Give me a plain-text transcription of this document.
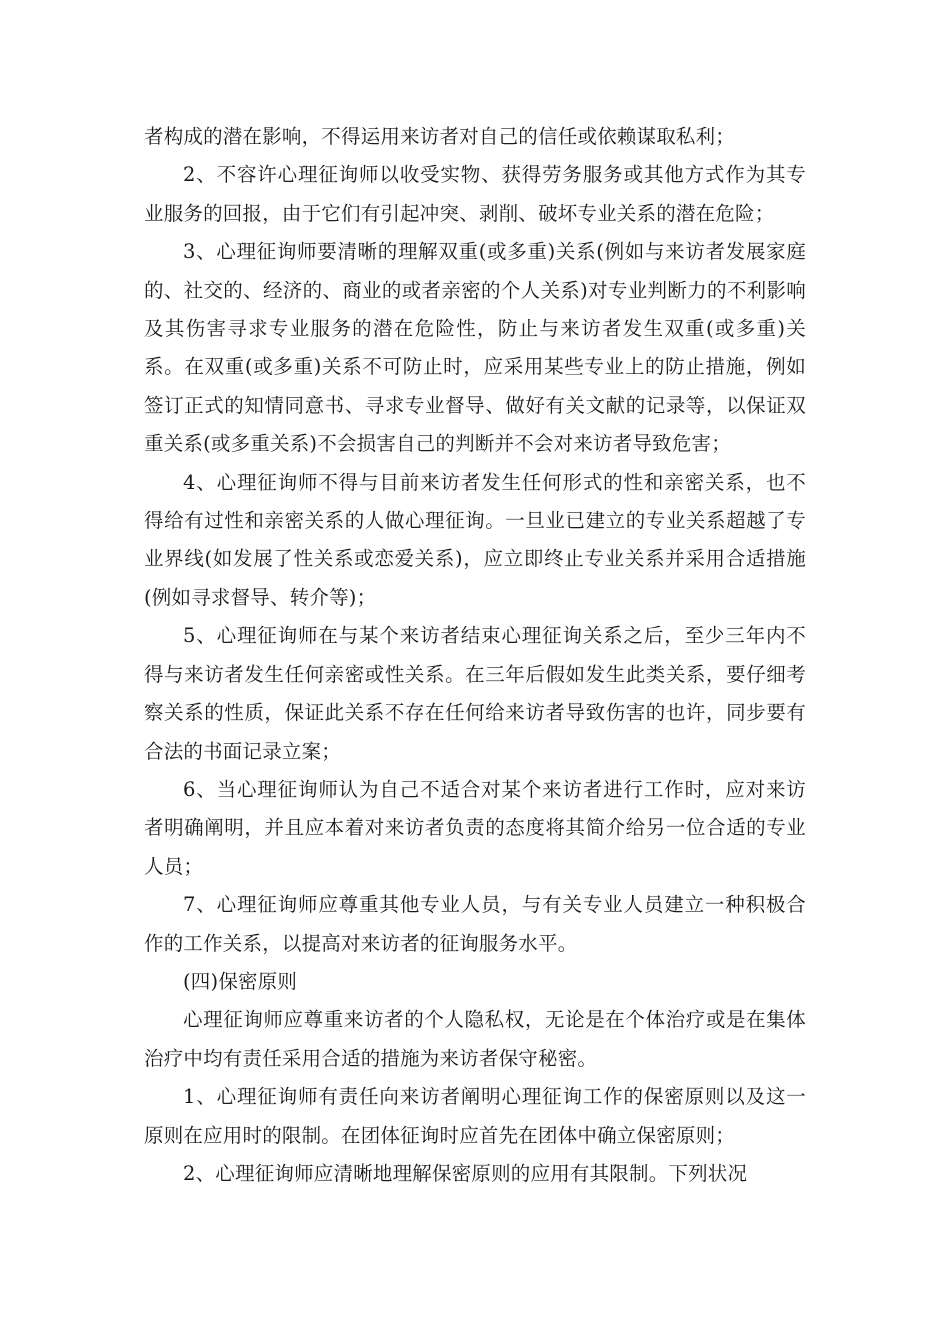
者构成的潜在影响，不得运用来访者对自己的信任或依赖谋取私利；

2、不容许心理征询师以收受实物、获得劳务服务或其他方式作为其专业服务的回报，由于它们有引起冲突、剥削、破坏专业关系的潜在危险；

3、心理征询师要清晰的理解双重(或多重)关系(例如与来访者发展家庭的、社交的、经济的、商业的或者亲密的个人关系)对专业判断力的不利影响及其伤害寻求专业服务的潜在危险性，防止与来访者发生双重(或多重)关系。在双重(或多重)关系不可防止时，应采用某些专业上的防止措施，例如签订正式的知情同意书、寻求专业督导、做好有关文献的记录等，以保证双重关系(或多重关系)不会损害自己的判断并不会对来访者导致危害；

4、心理征询师不得与目前来访者发生任何形式的性和亲密关系，也不得给有过性和亲密关系的人做心理征询。一旦业已建立的专业关系超越了专业界线(如发展了性关系或恋爱关系)，应立即终止专业关系并采用合适措施(例如寻求督导、转介等)；

5、心理征询师在与某个来访者结束心理征询关系之后，至少三年内不得与来访者发生任何亲密或性关系。在三年后假如发生此类关系，要仔细考察关系的性质，保证此关系不存在任何给来访者导致伤害的也许，同步要有合法的书面记录立案；

6、当心理征询师认为自己不适合对某个来访者进行工作时，应对来访者明确阐明，并且应本着对来访者负责的态度将其简介给另一位合适的专业人员；

7、心理征询师应尊重其他专业人员，与有关专业人员建立一种积极合作的工作关系，以提高对来访者的征询服务水平。

(四)保密原则

心理征询师应尊重来访者的个人隐私权，无论是在个体治疗或是在集体治疗中均有责任采用合适的措施为来访者保守秘密。

1、心理征询师有责任向来访者阐明心理征询工作的保密原则以及这一原则在应用时的限制。在团体征询时应首先在团体中确立保密原则；

2、心理征询师应清晰地理解保密原则的应用有其限制。下列状况
